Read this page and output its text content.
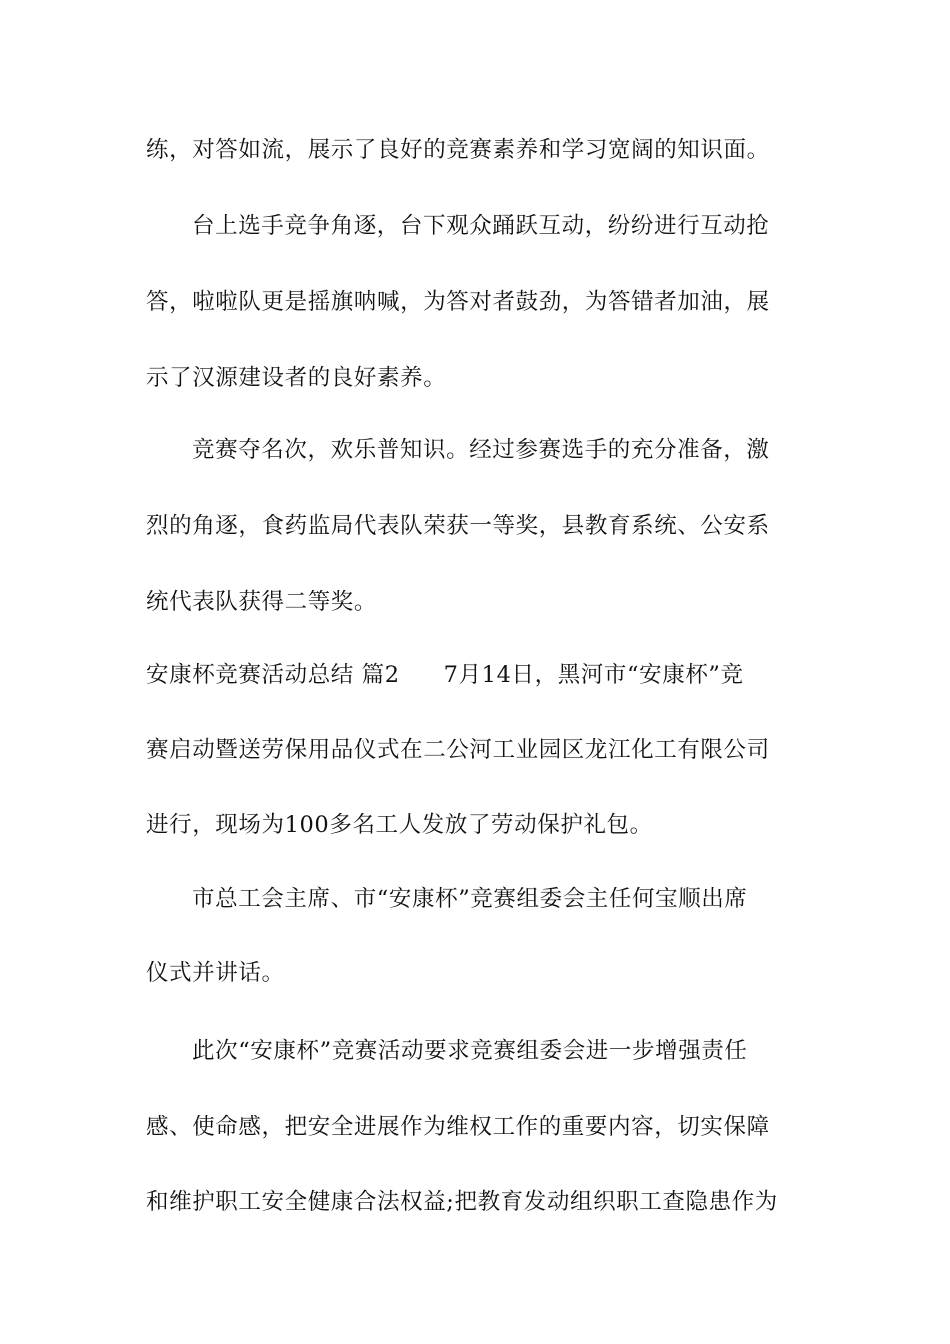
练，对答如流，展示了良好的竞赛素养和学习宽阔的知识面。
台上选手竞争角逐，台下观众踊跃互动，纷纷进行互动抢
答，啦啦队更是摇旗呐喊，为答对者鼓劲，为答错者加油，展
示了汉源建设者的良好素养。
竞赛夺名次，欢乐普知识。经过参赛选手的充分准备，激
烈的角逐，食药监局代表队荣获一等奖，县教育系统、公安系
统代表队获得二等奖。
安康杯竞赛活动总结 篇2 7月14日，黑河市“安康杯”竞
赛启动暨送劳保用品仪式在二公河工业园区龙江化工有限公司
进行，现场为100多名工人发放了劳动保护礼包。
市总工会主席、市“安康杯”竞赛组委会主任何宝顺出席
仪式并讲话。
此次“安康杯”竞赛活动要求竞赛组委会进一步增强责任
感、使命感，把安全进展作为维权工作的重要内容，切实保障
和维护职工安全健康合法权益;把教育发动组织职工查隐患作为
